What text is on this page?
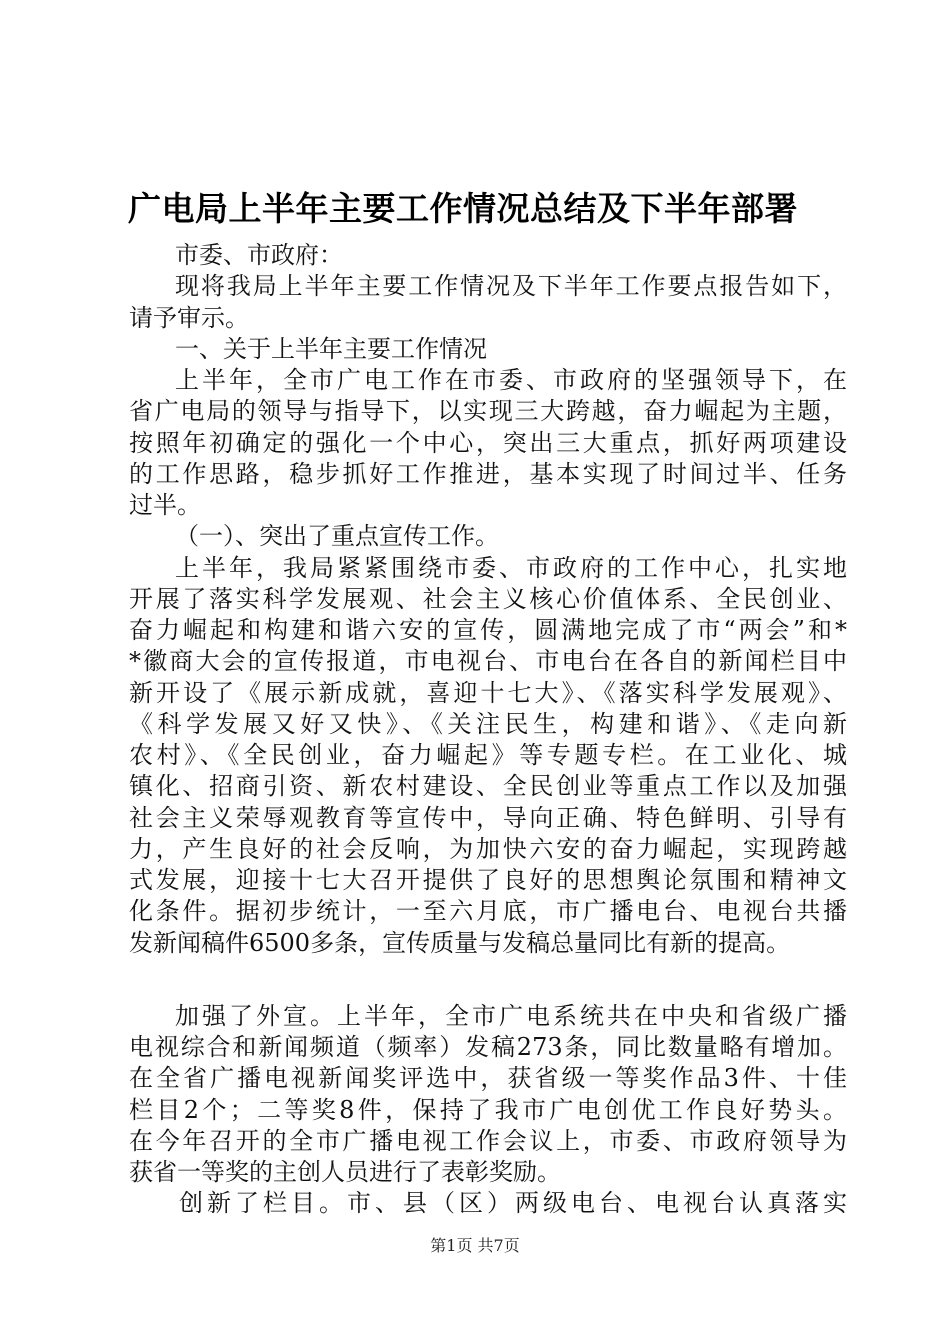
广电局上半年主要工作情况总结及下半年部署
市委、市政府：
现将我局上半年主要工作情况及下半年工作要点报告如下，
请予审示。
一、关于上半年主要工作情况
上半年，全市广电工作在市委、市政府的坚强领导下，在
省广电局的领导与指导下，以实现三大跨越，奋力崛起为主题，
按照年初确定的强化一个中心，突出三大重点，抓好两项建设
的工作思路，稳步抓好工作推进，基本实现了时间过半、任务
过半。
（一）、突出了重点宣传工作。
上半年，我局紧紧围绕市委、市政府的工作中心，扎实地
开展了落实科学发展观、社会主义核心价值体系、全民创业、
奋力崛起和构建和谐六安的宣传，圆满地完成了市“两会”和*
*徽商大会的宣传报道，市电视台、市电台在各自的新闻栏目中
新开设了《展示新成就，喜迎十七大》、《落实科学发展观》、
《科学发展又好又快》、《关注民生，构建和谐》、《走向新
农村》、《全民创业，奋力崛起》等专题专栏。在工业化、城
镇化、招商引资、新农村建设、全民创业等重点工作以及加强
社会主义荣辱观教育等宣传中，导向正确、特色鲜明、引导有
力，产生良好的社会反响，为加快六安的奋力崛起，实现跨越
式发展，迎接十七大召开提供了良好的思想舆论氛围和精神文
化条件。据初步统计，一至六月底，市广播电台、电视台共播
发新闻稿件6500多条，宣传质量与发稿总量同比有新的提高。
加强了外宣。上半年，全市广电系统共在中央和省级广播
电视综合和新闻频道（频率）发稿273条，同比数量略有增加。
在全省广播电视新闻奖评选中，获省级一等奖作品3件、十佳
栏目2个；二等奖8件，保持了我市广电创优工作良好势头。
在今年召开的全市广播电视工作会议上，市委、市政府领导为
获省一等奖的主创人员进行了表彰奖励。
创新了栏目。市、县（区）两级电台、电视台认真落实
第1页 共7页
